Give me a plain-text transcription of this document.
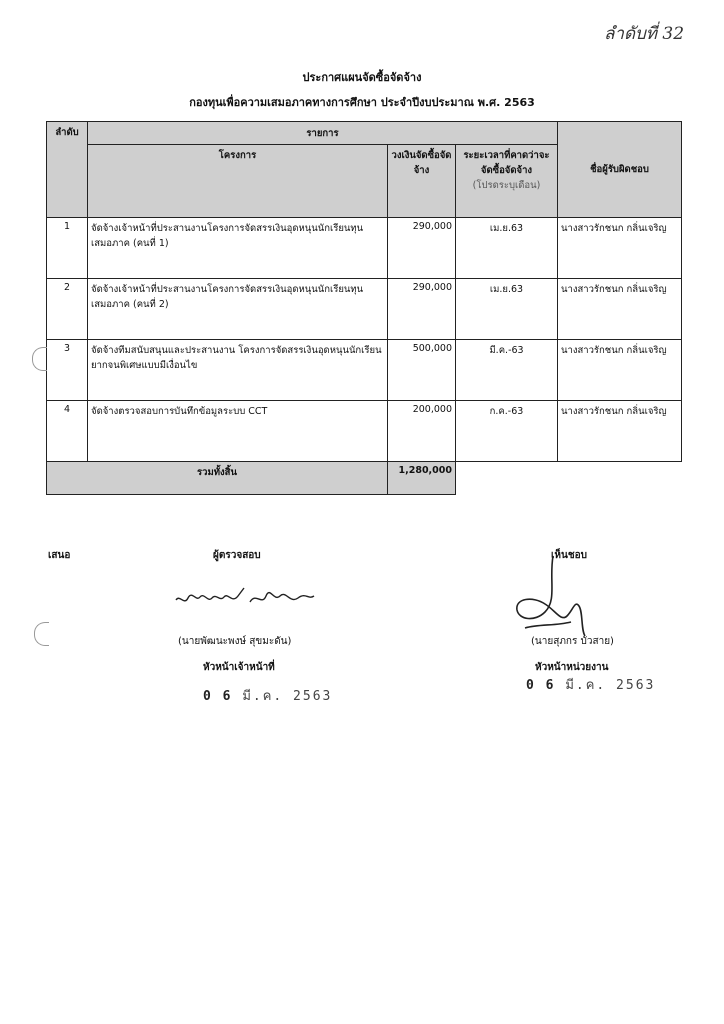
ลำดับที่ 32
ประกาศแผนจัดซื้อจัดจ้าง
กองทุนเพื่อความเสมอภาคทางการศึกษา ประจำปีงบประมาณ พ.ศ. 2563
ลำดับ	รายการ			ชื่อผู้รับผิดชอบ
	โครงการ	วงเงินจัดซื้อจัดจ้าง	ระยะเวลาที่คาดว่าจะจัดซื้อจัดจ้าง
(โปรดระบุเดือน)	

1	จัดจ้างเจ้าหน้าที่ประสานงานโครงการจัดสรรเงินอุดหนุนนักเรียนทุนเสมอภาค (คนที่ 1)	290,000	เม.ย.63	นางสาวรักชนก กลิ่นเจริญ
2	จัดจ้างเจ้าหน้าที่ประสานงานโครงการจัดสรรเงินอุดหนุนนักเรียนทุนเสมอภาค (คนที่ 2)	290,000	เม.ย.63	นางสาวรักชนก กลิ่นเจริญ
3	จัดจ้างทีมสนับสนุนและประสานงาน โครงการจัดสรรเงินอุดหนุนนักเรียนยากจนพิเศษแบบมีเงื่อนไข	500,000	มี.ค.-63	นางสาวรักชนก กลิ่นเจริญ
4	จัดจ้างตรวจสอบการบันทึกข้อมูลระบบ CCT	200,000	ก.ค.-63	นางสาวรักชนก กลิ่นเจริญ
รวมทั้งสิ้น		1,280,000		
เสนอ	ผู้ตรวจสอบ	เห็นชอบ
(นายพัฒนะพงษ์ สุขมะดัน)
หัวหน้าเจ้าหน้าที่
(นายสุภกร บัวสาย)
หัวหน้าหน่วยงาน
0 6 มี.ค. 2563
0 6 มี.ค. 2563
